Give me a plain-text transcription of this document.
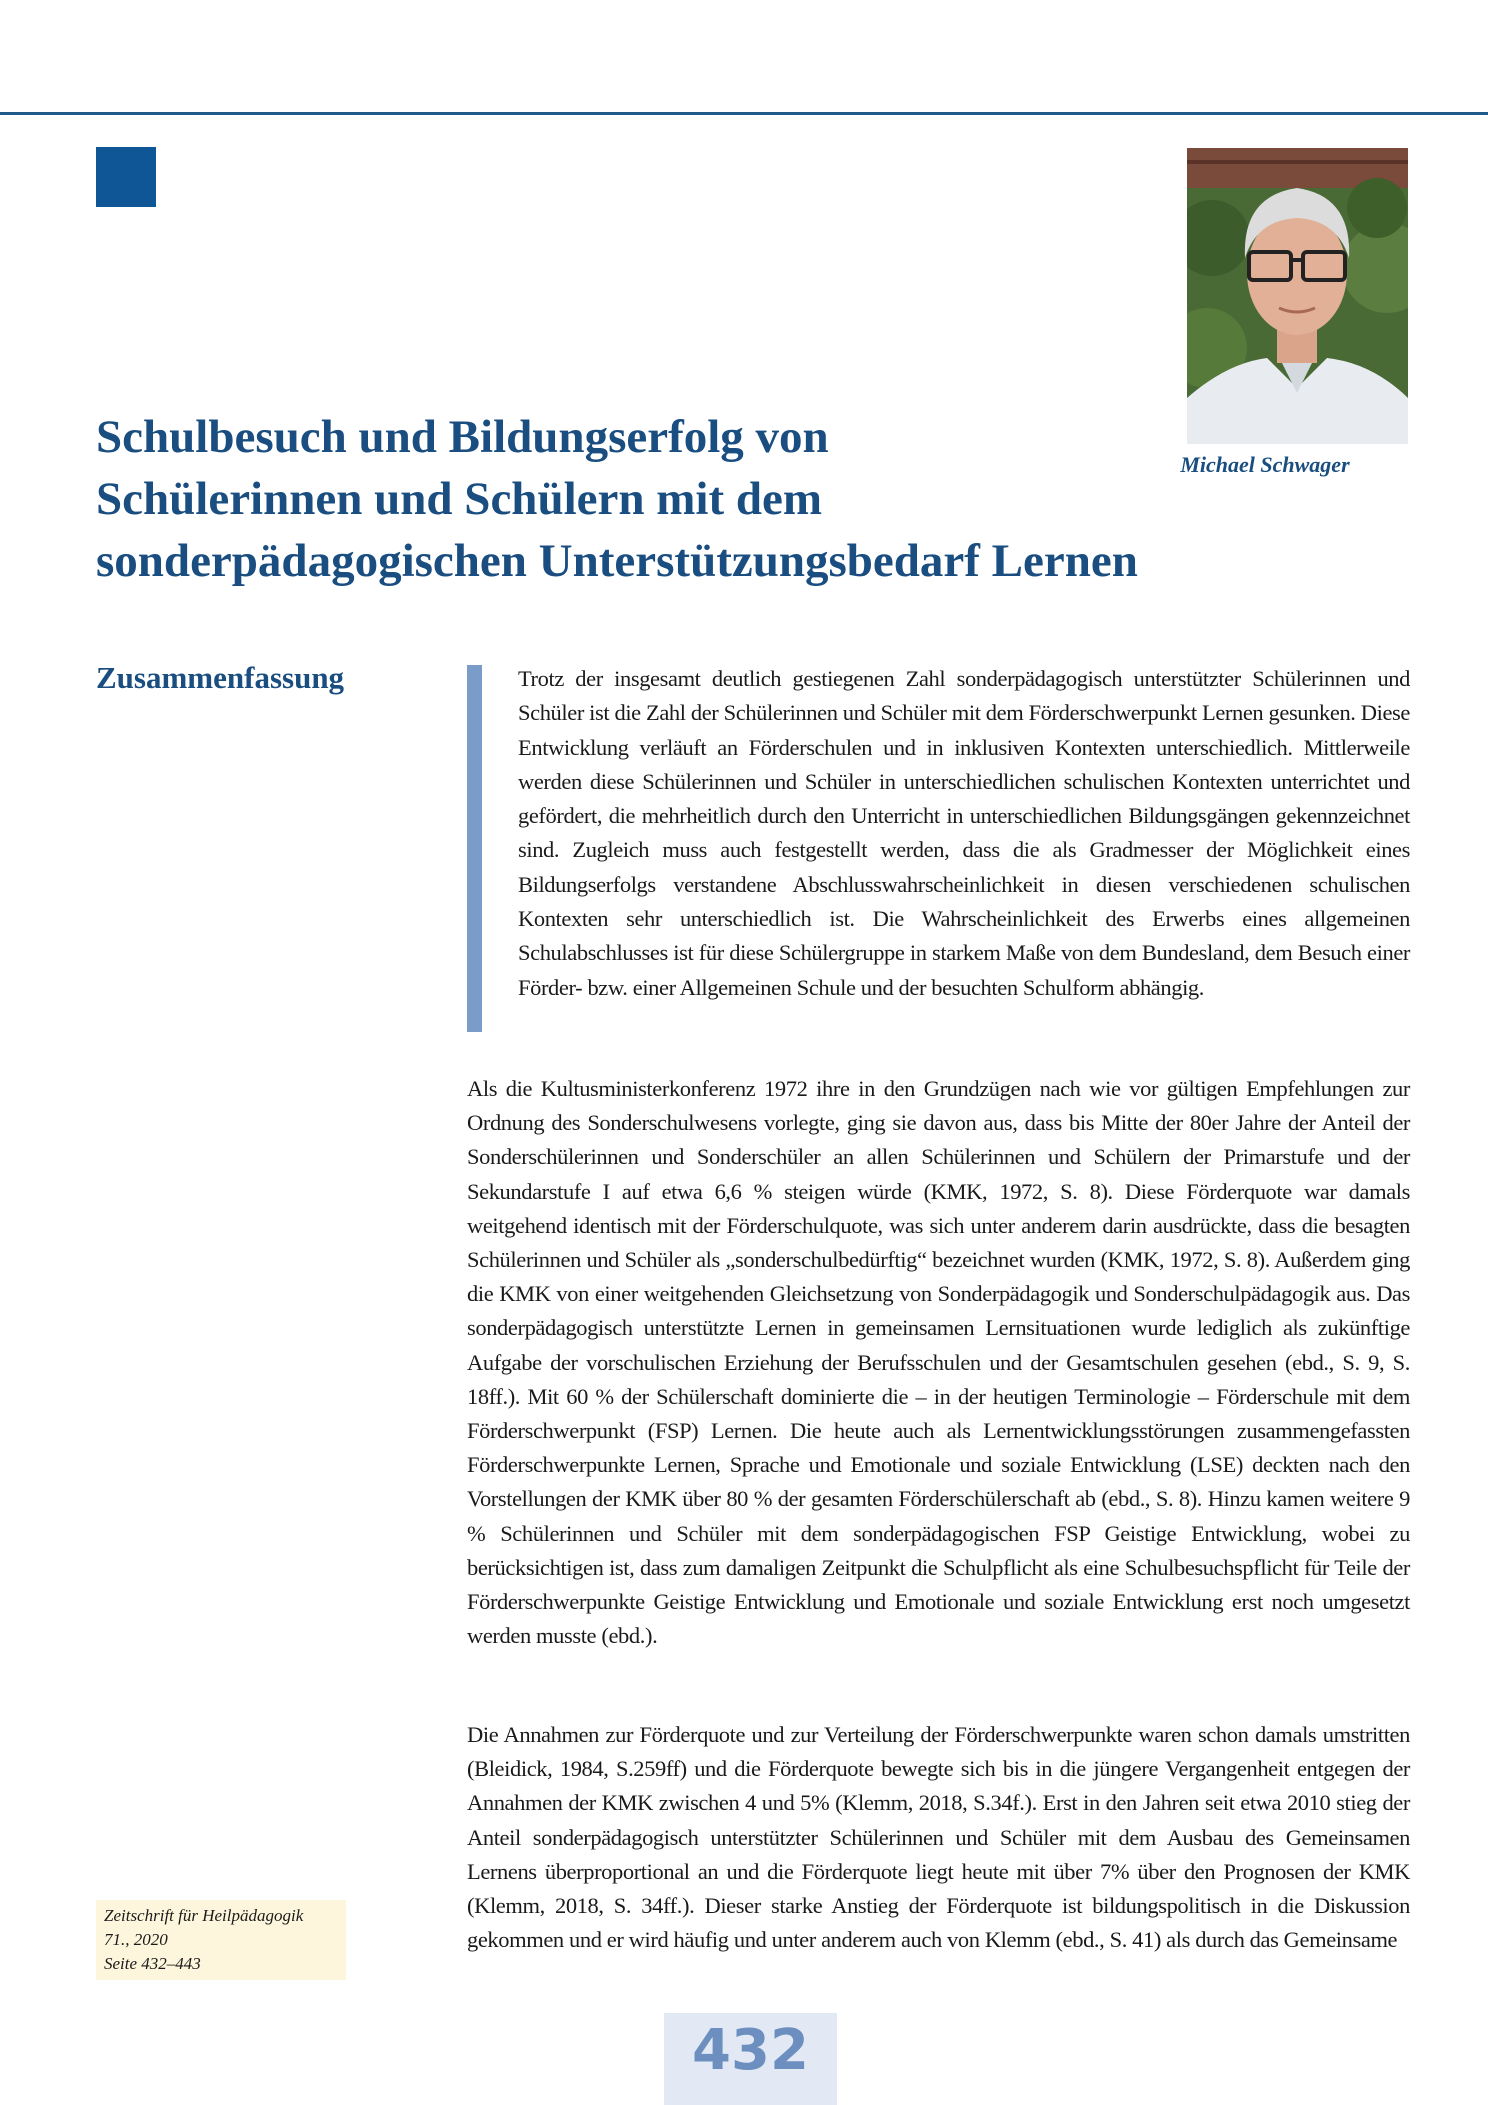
Michael Schwager
Schulbesuch und Bildungserfolg von
Schülerinnen und Schülern mit dem
sonderpädagogischen Unterstützungsbedarf Lernen
Zusammenfassung	Trotz der insgesamt deutlich gestiegenen Zahl sonderpädagogisch unterstützter Schülerinnen und Schüler ist die Zahl der Schülerinnen und Schüler mit dem Förderschwerpunkt Lernen gesunken. Diese Entwicklung verläuft an Förderschulen und in inklusiven Kontexten unterschiedlich. Mittlerweile werden diese Schülerinnen und Schüler in unterschiedlichen schulischen Kontexten unterrichtet und gefördert, die mehrheitlich durch den Unterricht in unterschiedlichen Bildungsgängen gekennzeichnet sind. Zugleich muss auch festgestellt werden, dass die als Gradmesser der Möglichkeit eines Bildungserfolgs verstandene Abschlusswahrscheinlichkeit in diesen verschiedenen schulischen Kontexten sehr unterschiedlich ist. Die Wahrscheinlichkeit des Erwerbs eines allgemeinen Schulabschlusses ist für diese Schülergruppe in starkem Maße von dem Bundesland, dem Besuch einer Förder- bzw. einer Allgemeinen Schule und der besuchten Schulform abhängig.

Als die Kultusministerkonferenz 1972 ihre in den Grundzügen nach wie vor gültigen Empfehlungen zur Ordnung des Sonderschulwesens vorlegte, ging sie davon aus, dass bis Mitte der 80er Jahre der Anteil der Sonderschülerinnen und Sonderschüler an allen Schülerinnen und Schülern der Primarstufe und der Sekundarstufe I auf etwa 6,6 % steigen würde (KMK, 1972, S. 8). Diese Förderquote war damals weitgehend identisch mit der Förderschulquote, was sich unter anderem darin ausdrückte, dass die besagten Schülerinnen und Schüler als „sonderschulbedürftig“ bezeichnet wurden (KMK, 1972, S. 8). Außerdem ging die KMK von einer weitgehenden Gleichsetzung von Sonderpädagogik und Sonderschulpädagogik aus. Das sonderpädagogisch unterstützte Lernen in gemeinsamen Lernsituationen wurde lediglich als zukünftige Aufgabe der vorschulischen Erziehung der Berufsschulen und der Gesamtschulen gesehen (ebd., S. 9, S. 18ff.). Mit 60 % der Schülerschaft dominierte die – in der heutigen Terminologie – Förderschule mit dem Förderschwerpunkt (FSP) Lernen. Die heute auch als Lernentwicklungsstörungen zusammengefassten Förderschwerpunkte Lernen, Sprache und Emotionale und soziale Entwicklung (LSE) deckten nach den Vorstellungen der KMK über 80 % der gesamten Förderschülerschaft ab (ebd., S. 8). Hinzu kamen weitere 9 % Schülerinnen und Schüler mit dem sonderpädagogischen FSP Geistige Entwicklung, wobei zu berücksichtigen ist, dass zum damaligen Zeitpunkt die Schulpflicht als eine Schulbesuchspflicht für Teile der Förderschwerpunkte Geistige Entwicklung und Emotionale und soziale Entwicklung erst noch umgesetzt werden musste (ebd.).

Die Annahmen zur Förderquote und zur Verteilung der Förderschwerpunkte waren schon damals umstritten (Bleidick, 1984, S.259ff) und die Förderquote bewegte sich bis in die jüngere Vergangenheit entgegen der Annahmen der KMK zwischen 4 und 5% (Klemm, 2018, S.34f.). Erst in den Jahren seit etwa 2010 stieg der Anteil sonderpädagogisch unterstützter Schülerinnen und Schüler mit dem Ausbau des Gemeinsamen Lernens überproportional an und die Förderquote liegt heute mit über 7% über den Prognosen der KMK (Klemm, 2018, S. 34ff.). Dieser starke Anstieg der Förderquote ist bildungspolitisch in die Diskussion gekommen und er wird häufig und unter anderem auch von Klemm (ebd., S. 41) als durch das Gemeinsame

Zeitschrift für Heilpädagogik
71., 2020
Seite 432–443
432
